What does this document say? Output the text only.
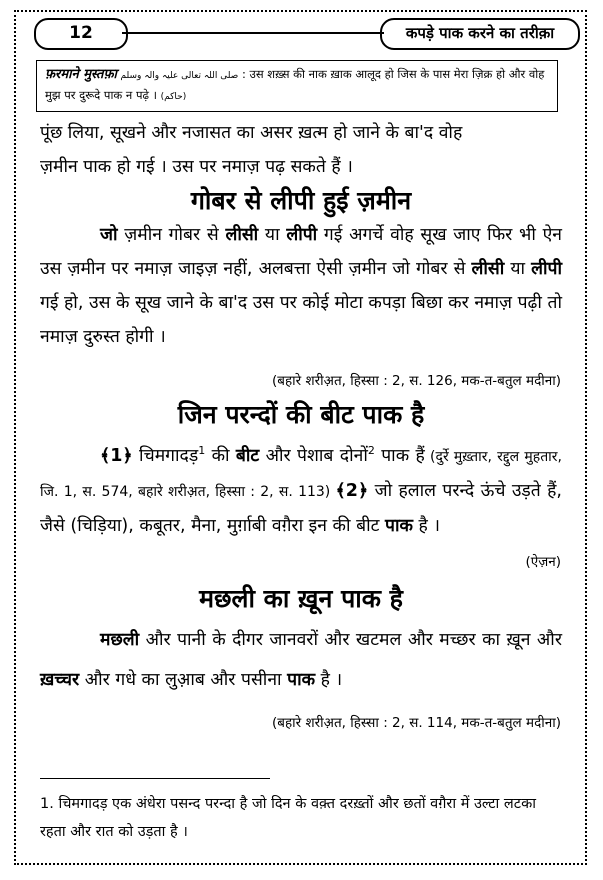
12	कपड़े पाक करने का तरीक़ा
फ़रमाने मुस्तफ़ा صلی اللہ تعالی علیہ والہ وسلم : उस शख़्स की नाक ख़ाक आलूद हो जिस के पास मेरा ज़िक्र हो और वोह मुझ पर दुरूदे पाक न पढ़े । (حاکم)
पूंछ लिया, सूखने और नजासत का असर ख़त्म हो जाने के बा'द वोह
ज़मीन पाक हो गई । उस पर नमाज़ पढ़ सकते हैं ।
गोबर से लीपी हुई ज़मीन
जो ज़मीन गोबर से लीसी या लीपी गई अगर्चे वोह सूख जाए फिर भी ऐन उस ज़मीन पर नमाज़ जाइज़ नहीं, अलबत्ता ऐसी ज़मीन जो गोबर से लीसी या लीपी गई हो, उस के सूख जाने के बा'द उस पर कोई मोटा कपड़ा बिछा कर नमाज़ पढ़ी तो नमाज़ दुरुस्त होगी ।
(बहारे शरीअ़त, हिस्सा : 2, स. 126, मक-त-बतुल मदीना)
जिन परन्दों की बीट पाक है
﴾1﴿ चिमगादड़$^1$ की बीट और पेशाब दोनों$^2$ पाक हैं (दुर्रे मुख़्तार, रद्दुल मुहतार, जि. 1, स. 574, बहारे शरीअ़त, हिस्सा : 2, स. 113) ﴾2﴿ जो हलाल परन्दे ऊंचे उड़ते हैं, जैसे (चिड़िया), कबूतर, मैना, मुर्ग़ाबी वग़ैरा इन की बीट पाक है ।
(ऐज़न)
मछली का ख़ून पाक है
मछली और पानी के दीगर जानवरों और खटमल और मच्छर का ख़ून और ख़च्चर और गधे का लुआ़ब और पसीना पाक है ।
(बहारे शरीअ़त, हिस्सा : 2, स. 114, मक-त-बतुल मदीना)
1. चिमगादड़ एक अंधेरा पसन्द परन्दा है जो दिन के वक़्त दरख़्तों और छतों वग़ैरा में उल्टा लटका रहता और रात को उड़ता है ।
